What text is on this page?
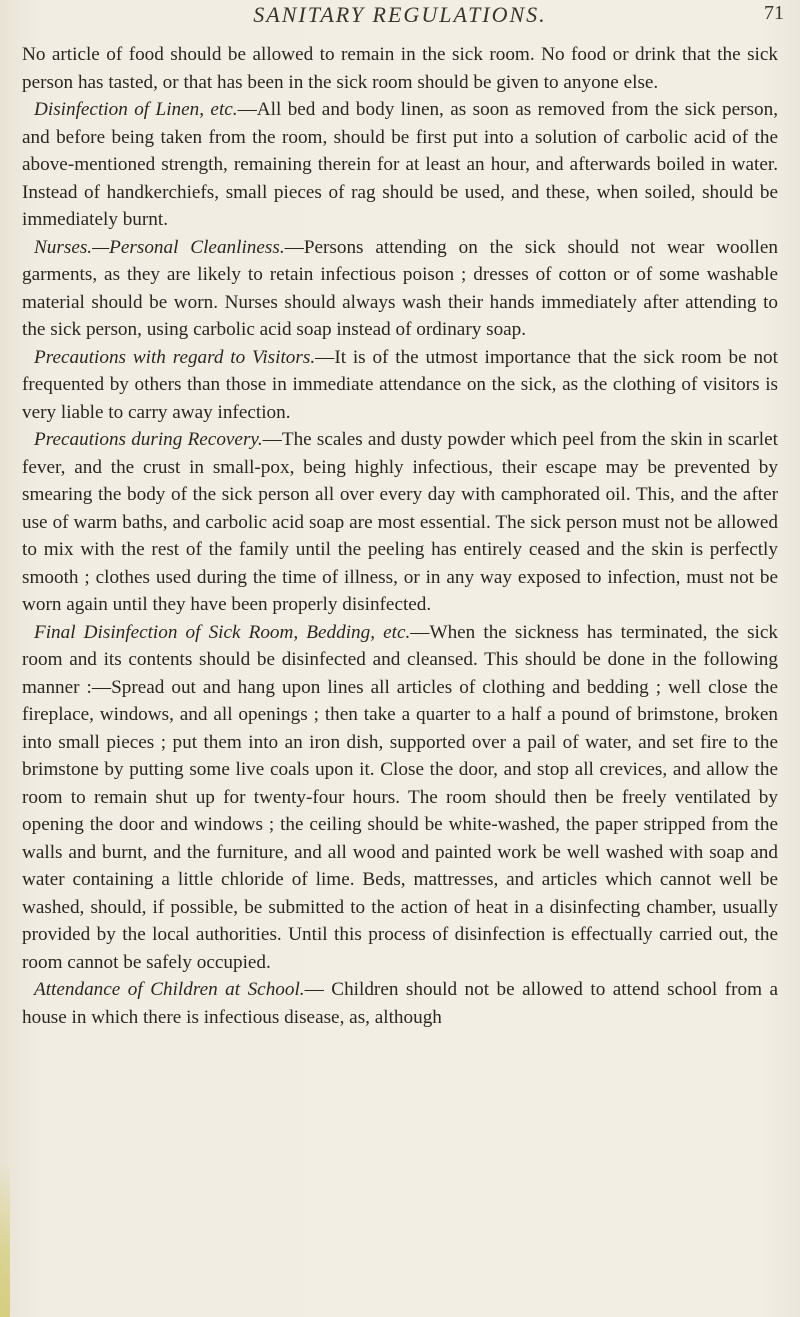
SANITARY REGULATIONS.	71

No article of food should be allowed to remain in the sick room. No food or drink that the sick person has tasted, or that has been in the sick room should be given to anyone else.

Disinfection of Linen, etc.—All bed and body linen, as soon as removed from the sick person, and before being taken from the room, should be first put into a solution of carbolic acid of the above-mentioned strength, remaining therein for at least an hour, and afterwards boiled in water. Instead of handkerchiefs, small pieces of rag should be used, and these, when soiled, should be immediately burnt.

Nurses.—Personal Cleanliness.—Persons attending on the sick should not wear woollen garments, as they are likely to retain infectious poison ; dresses of cotton or of some washable material should be worn. Nurses should always wash their hands immediately after attending to the sick person, using carbolic acid soap instead of ordinary soap.

Precautions with regard to Visitors.—It is of the utmost importance that the sick room be not frequented by others than those in immediate attendance on the sick, as the clothing of visitors is very liable to carry away infection.

Precautions during Recovery.—The scales and dusty powder which peel from the skin in scarlet fever, and the crust in small-pox, being highly infectious, their escape may be prevented by smearing the body of the sick person all over every day with camphorated oil. This, and the after use of warm baths, and carbolic acid soap are most essential. The sick person must not be allowed to mix with the rest of the family until the peeling has entirely ceased and the skin is perfectly smooth ; clothes used during the time of illness, or in any way exposed to infection, must not be worn again until they have been properly disinfected.

Final Disinfection of Sick Room, Bedding, etc.—When the sickness has terminated, the sick room and its contents should be disinfected and cleansed. This should be done in the following manner :—Spread out and hang upon lines all articles of clothing and bedding ; well close the fireplace, windows, and all openings ; then take a quarter to a half a pound of brimstone, broken into small pieces ; put them into an iron dish, supported over a pail of water, and set fire to the brimstone by putting some live coals upon it. Close the door, and stop all crevices, and allow the room to remain shut up for twenty-four hours. The room should then be freely ventilated by opening the door and windows ; the ceiling should be white-washed, the paper stripped from the walls and burnt, and the furniture, and all wood and painted work be well washed with soap and water containing a little chloride of lime. Beds, mattresses, and articles which cannot well be washed, should, if possible, be submitted to the action of heat in a disinfecting chamber, usually provided by the local authorities. Until this process of disinfection is effectually carried out, the room cannot be safely occupied.

Attendance of Children at School.— Children should not be allowed to attend school from a house in which there is infectious disease, as, although
